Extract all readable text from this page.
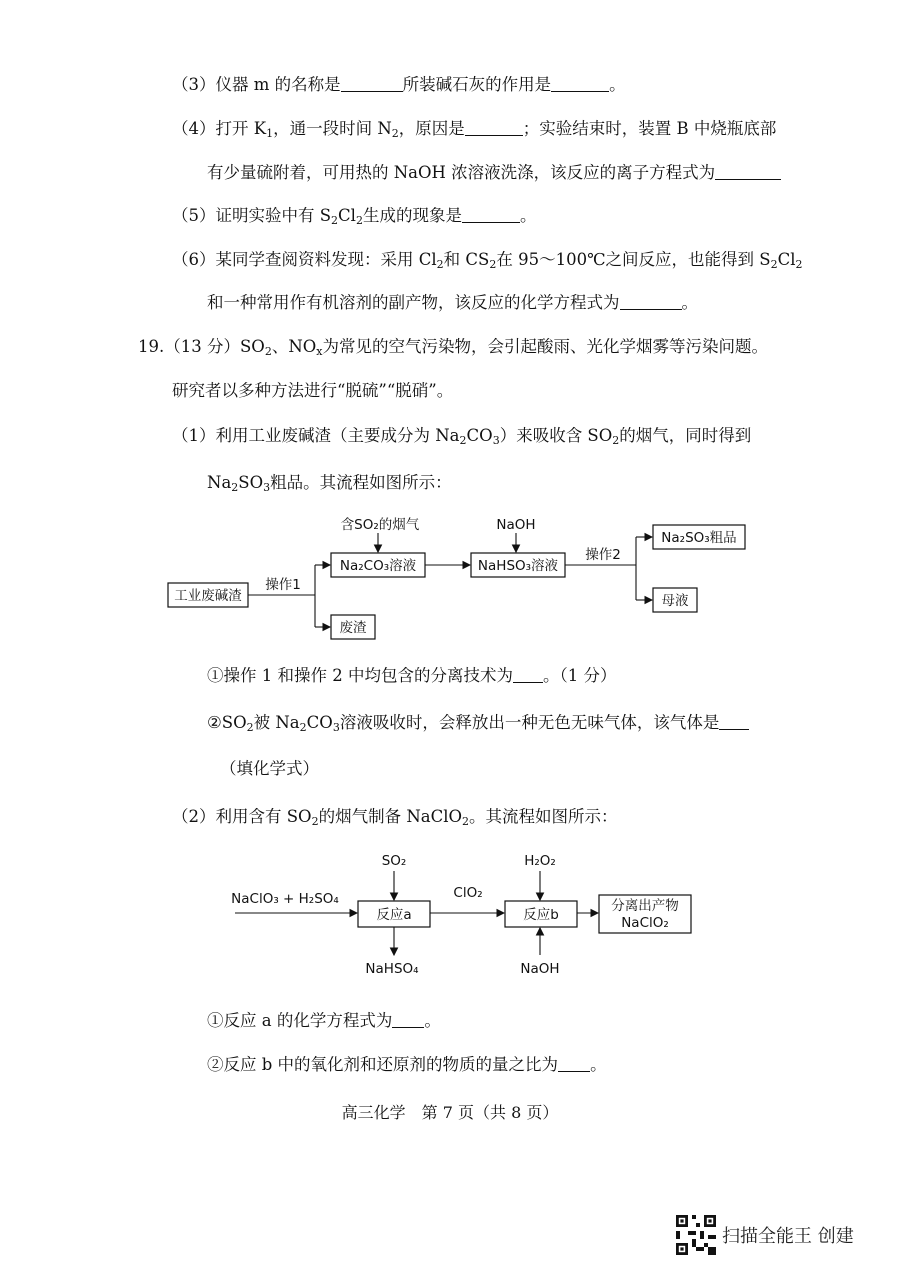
（3）仪器 m 的名称是	所装碱石灰的作用是	。
（4）打开 $K_1$，通一段时间 $N_2$，原因是	；实验结束时，装置 B 中烧瓶底部
有少量硫附着，可用热的 NaOH 浓溶液洗涤，该反应的离子方程式为
（5）证明实验中有 $S_2Cl_2$生成的现象是	。
（6）某同学查阅资料发现：采用 $Cl_2$和 $CS_2$在 95～100℃之间反应，也能得到 $S_2Cl_2$
和一种常用作有机溶剂的副产物，该反应的化学方程式为	。
19.（13 分）$SO_2$、$NO_x$为常见的空气污染物，会引起酸雨、光化学烟雾等污染问题。
研究者以多种方法进行“脱硫”“脱硝”。
（1）利用工业废碱渣（主要成分为 $Na_2CO_3$）来吸收含 $SO_2$的烟气，同时得到
$Na_2SO_3$粗品。其流程如图所示：
工业废碱渣
操作1
含SO₂的烟气
Na₂CO₃溶液
废渣
NaOH
NaHSO₃溶液
操作2
Na₂SO₃粗品
母液
①操作 1 和操作 2 中均包含的分离技术为 。（1 分）
$②SO_2$被 $Na_2CO_3$溶液吸收时，会释放出一种无色无味气体，该气体是
（填化学式）
（2）利用含有 $SO_2$的烟气制备 NaClO$_2$。其流程如图所示：
NaClO₃ + H₂SO₄
SO₂
反应a
NaHSO₄
ClO₂
H₂O₂
反应b
NaOH
分离出产物
NaClO₂
①反应 a 的化学方程式为 。
②反应 b 中的氧化剂和还原剂的物质的量之比为 。
高三化学　第 7 页（共 8 页）
扫描全能王 创建
